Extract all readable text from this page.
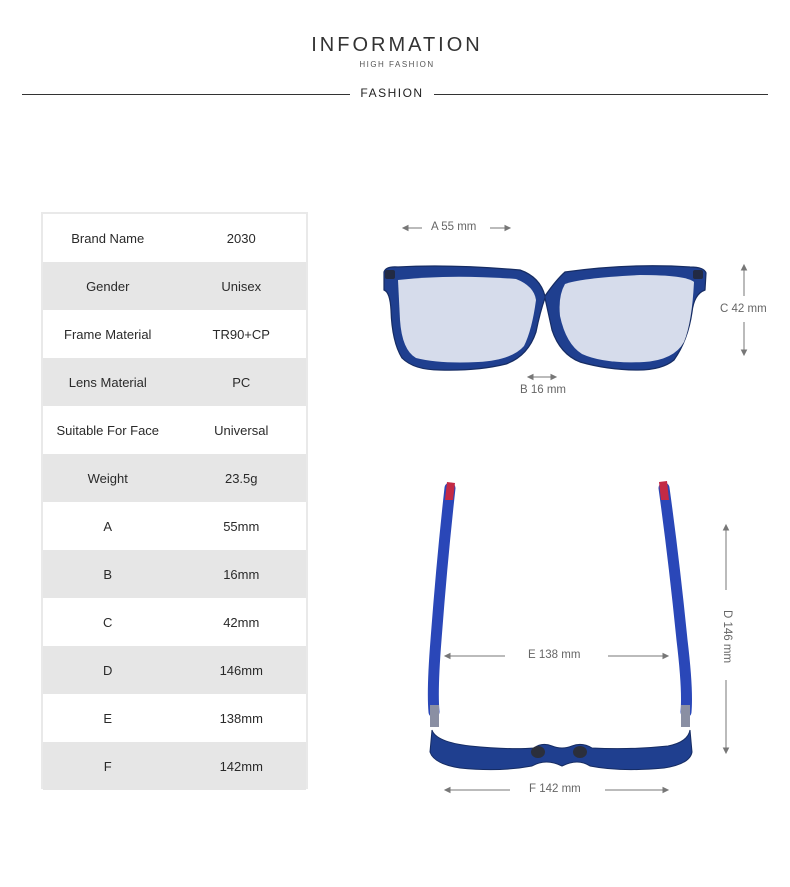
INFORMATION
HIGH FASHION
FASHION
Brand Name	2030
Gender	Unisex
Frame Material	TR90+CP
Lens Material	PC
Suitable For Face	Universal
Weight	23.5g
A	55mm
B	16mm
C	42mm
D	146mm
E	138mm
F	142mm
A 55 mm
B 16 mm
C 42 mm
D 146 mm
E 138 mm
F 142 mm
